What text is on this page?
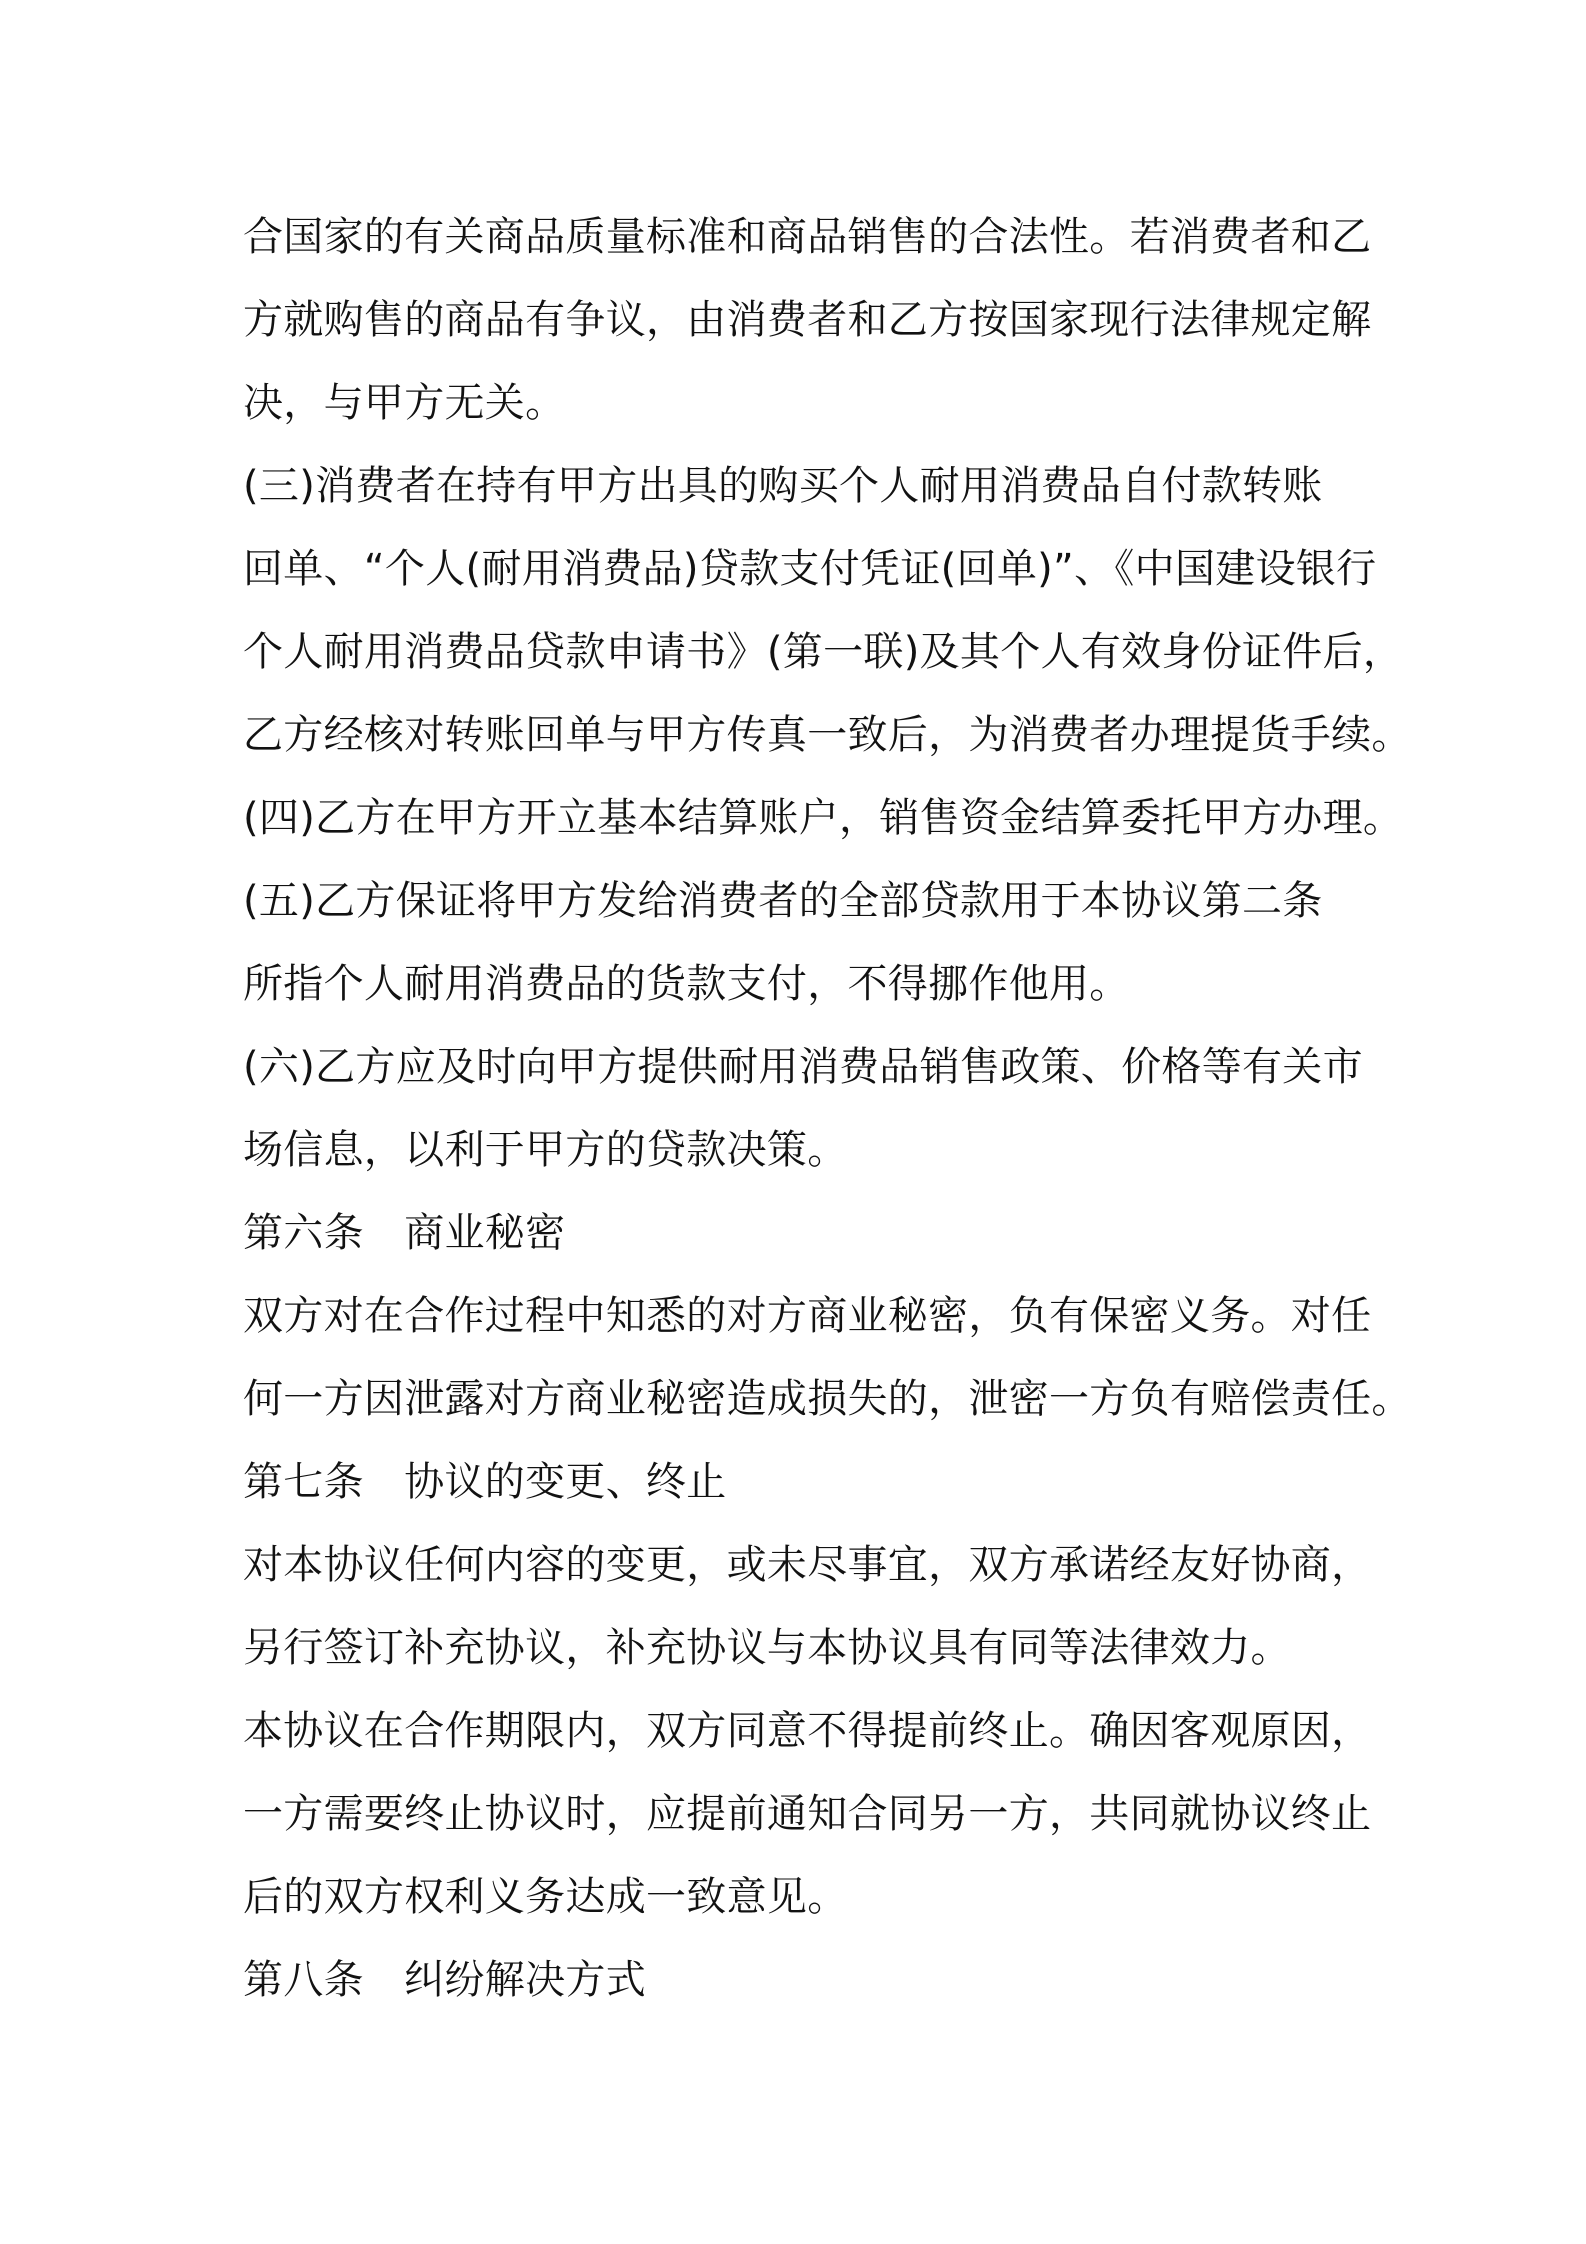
合国家的有关商品质量标准和商品销售的合法性。若消费者和乙
方就购售的商品有争议，由消费者和乙方按国家现行法律规定解
决，与甲方无关。
(三)消费者在持有甲方出具的购买个人耐用消费品自付款转账
回单、“个人(耐用消费品)贷款支付凭证(回单)”、《中国建设银行
个人耐用消费品贷款申请书》(第一联)及其个人有效身份证件后，
乙方经核对转账回单与甲方传真一致后，为消费者办理提货手续。
(四)乙方在甲方开立基本结算账户，销售资金结算委托甲方办理。
(五)乙方保证将甲方发给消费者的全部贷款用于本协议第二条
所指个人耐用消费品的货款支付，不得挪作他用。
(六)乙方应及时向甲方提供耐用消费品销售政策、价格等有关市
场信息，以利于甲方的贷款决策。
第六条　商业秘密
双方对在合作过程中知悉的对方商业秘密，负有保密义务。对任
何一方因泄露对方商业秘密造成损失的，泄密一方负有赔偿责任。
第七条　协议的变更、终止
对本协议任何内容的变更，或未尽事宜，双方承诺经友好协商，
另行签订补充协议，补充协议与本协议具有同等法律效力。
本协议在合作期限内，双方同意不得提前终止。确因客观原因，
一方需要终止协议时，应提前通知合同另一方，共同就协议终止
后的双方权利义务达成一致意见。
第八条　纠纷解决方式
